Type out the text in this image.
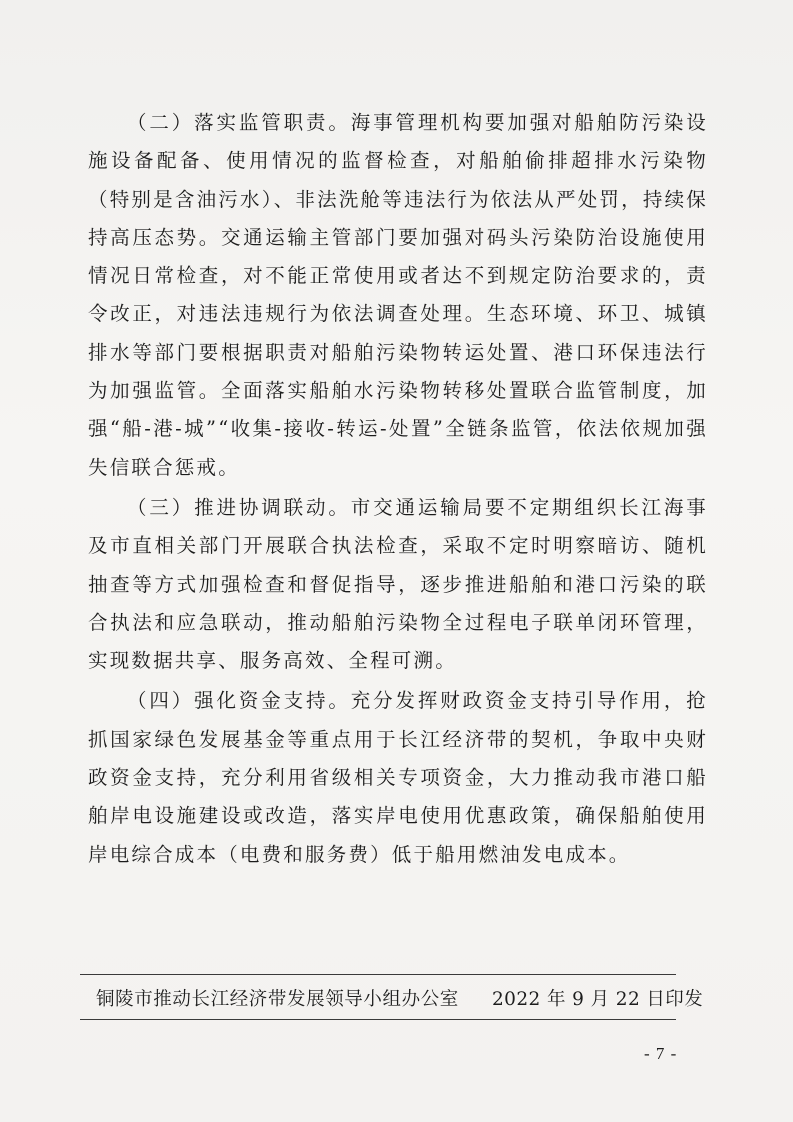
（二）落实监管职责。海事管理机构要加强对船舶防污染设施设备配备、使用情况的监督检查，对船舶偷排超排水污染物（特别是含油污水）、非法洗舱等违法行为依法从严处罚，持续保持高压态势。交通运输主管部门要加强对码头污染防治设施使用情况日常检查，对不能正常使用或者达不到规定防治要求的，责令改正，对违法违规行为依法调查处理。生态环境、环卫、城镇排水等部门要根据职责对船舶污染物转运处置、港口环保违法行为加强监管。全面落实船舶水污染物转移处置联合监管制度，加强“船-港-城”“收集-接收-转运-处置”全链条监管，依法依规加强失信联合惩戒。

（三）推进协调联动。市交通运输局要不定期组织长江海事及市直相关部门开展联合执法检查，采取不定时明察暗访、随机抽查等方式加强检查和督促指导，逐步推进船舶和港口污染的联合执法和应急联动，推动船舶污染物全过程电子联单闭环管理，实现数据共享、服务高效、全程可溯。

（四）强化资金支持。充分发挥财政资金支持引导作用，抢抓国家绿色发展基金等重点用于长江经济带的契机，争取中央财政资金支持，充分利用省级相关专项资金，大力推动我市港口船舶岸电设施建设或改造，落实岸电使用优惠政策，确保船舶使用岸电综合成本（电费和服务费）低于船用燃油发电成本。

铜陵市推动长江经济带发展领导小组办公室 2022 年 9 月 22 日印发
- 7 -
